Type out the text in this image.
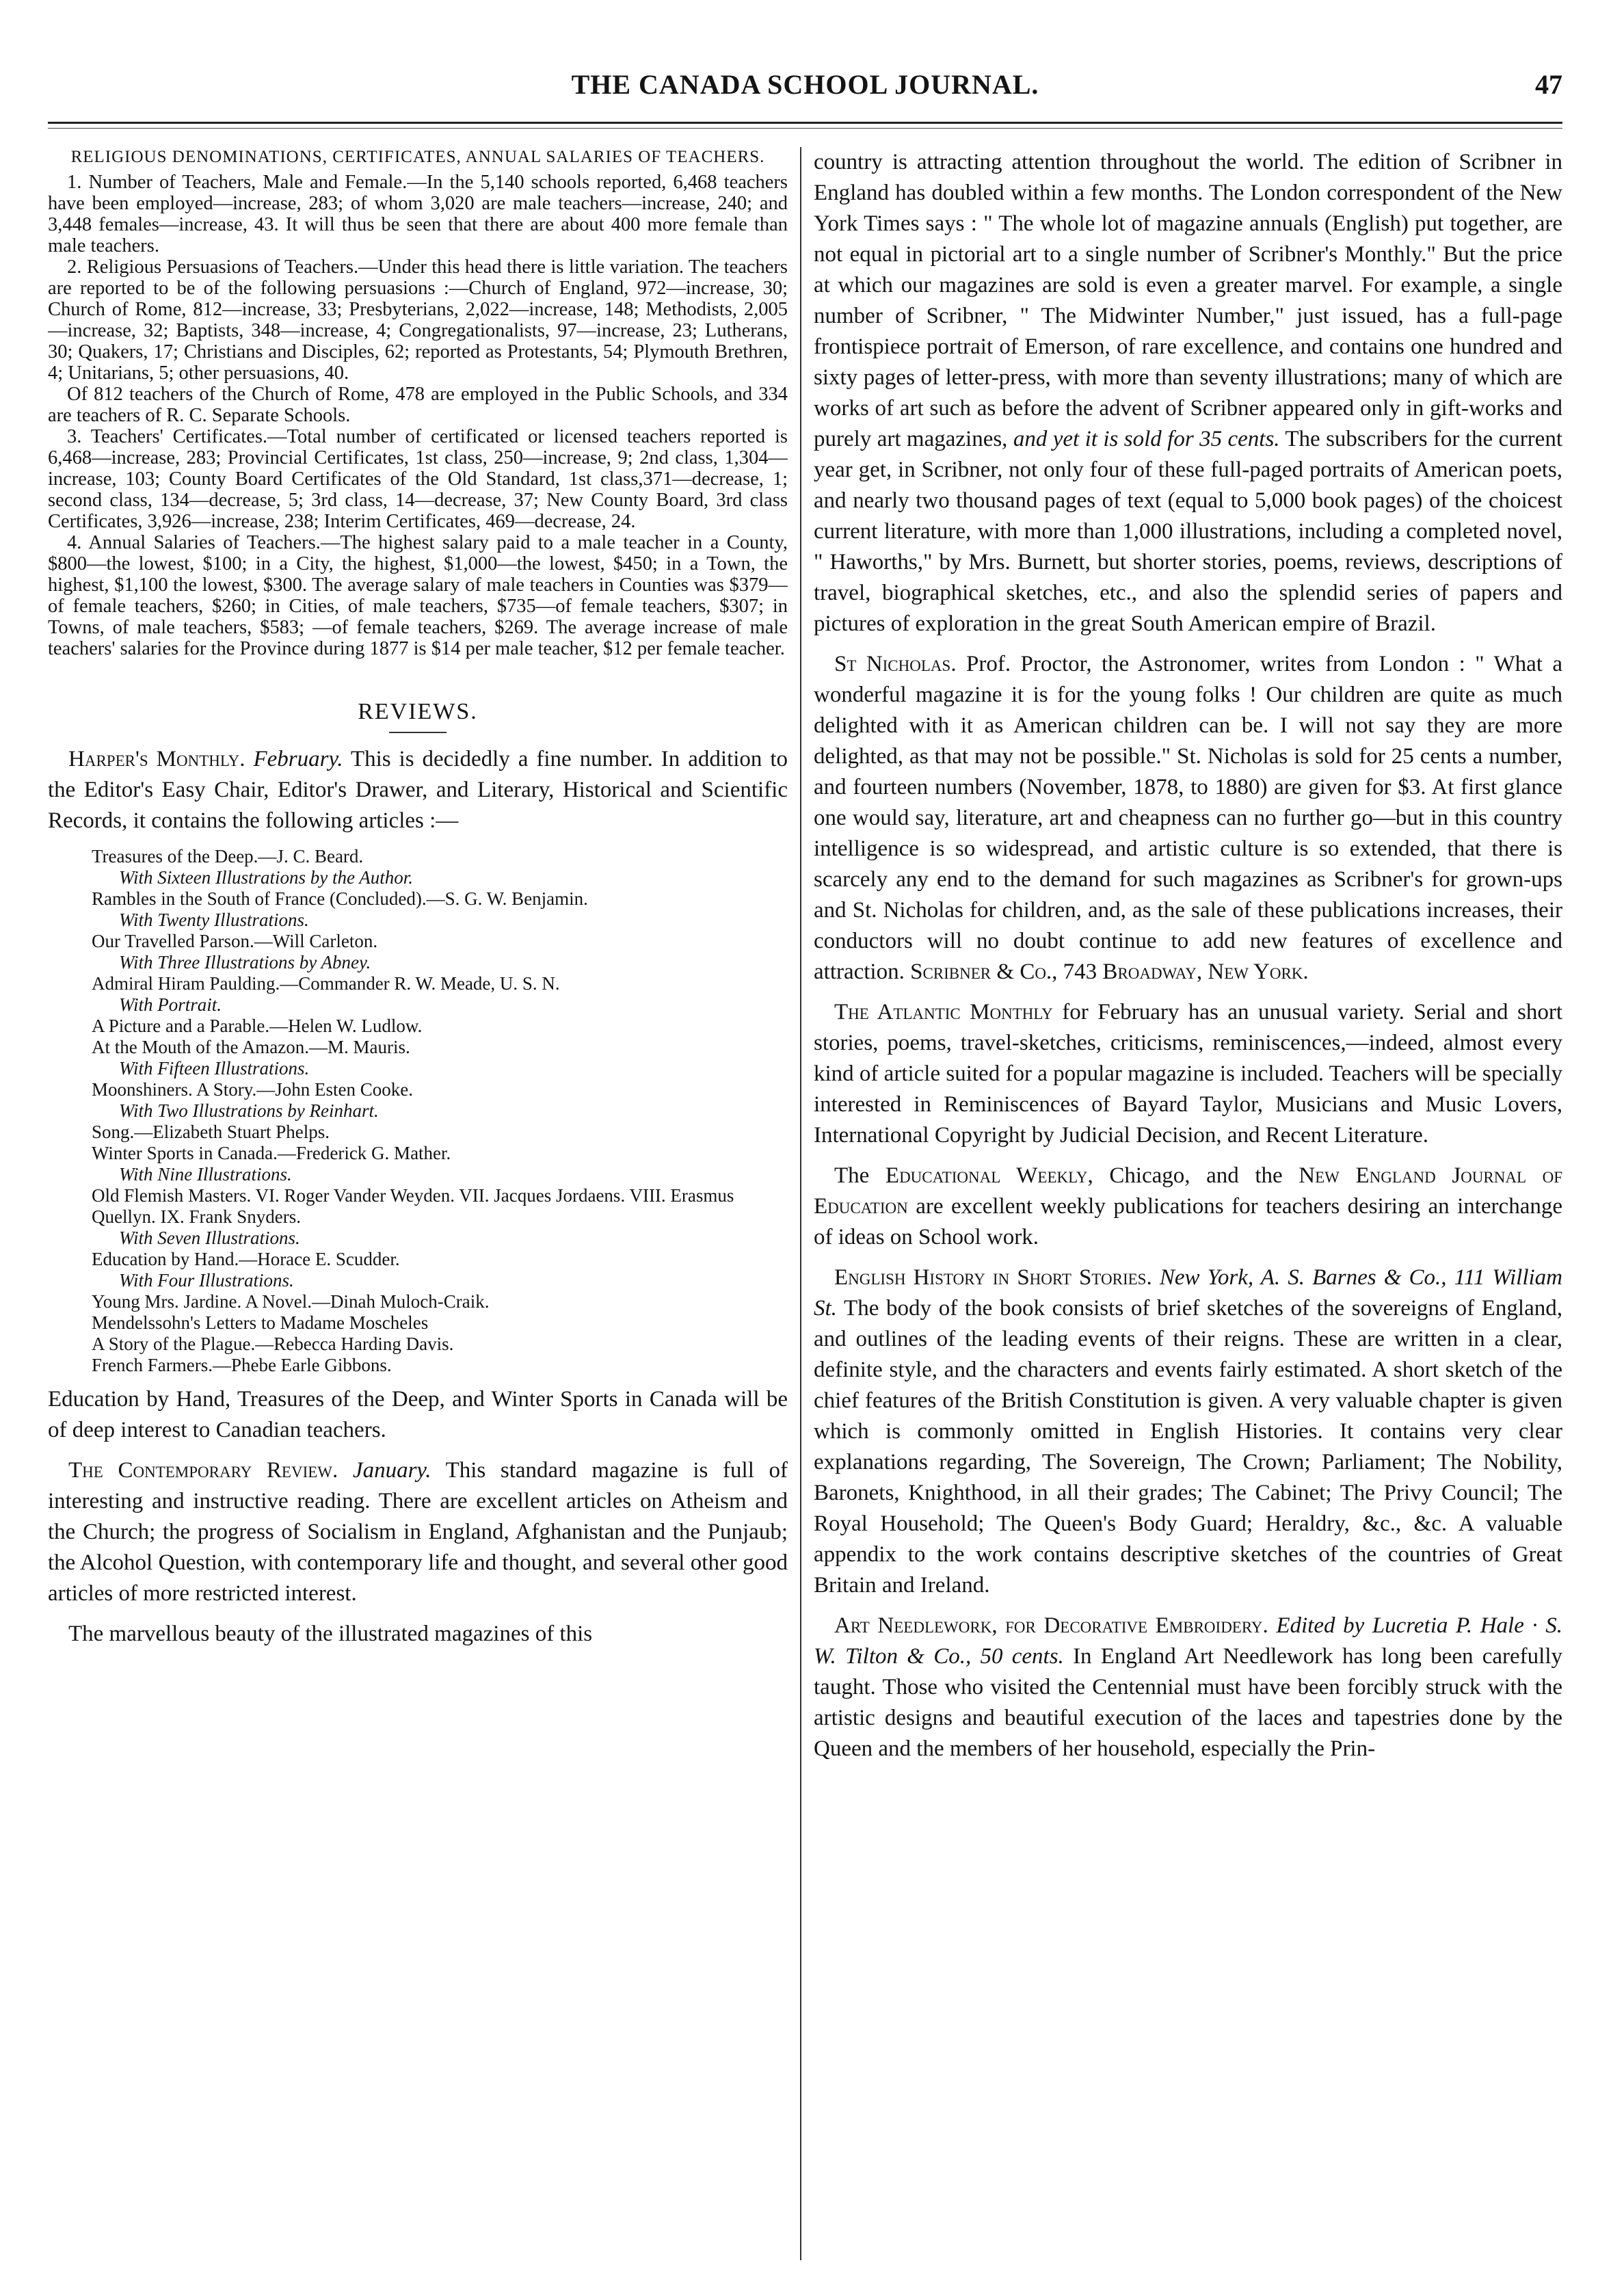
THE CANADA SCHOOL JOURNAL.	47
RELIGIOUS DENOMINATIONS, CERTIFICATES, ANNUAL SALARIES OF TEACHERS.

1. Number of Teachers, Male and Female.—In the 5,140 schools reported, 6,468 teachers have been employed—increase, 283; of whom 3,020 are male teachers—increase, 240; and 3,448 females—increase, 43. It will thus be seen that there are about 400 more female than male teachers.

2. Religious Persuasions of Teachers.—Under this head there is little variation. The teachers are reported to be of the following persuasions :—Church of England, 972—increase, 30; Church of Rome, 812—increase, 33; Presbyterians, 2,022—increase, 148; Methodists, 2,005—increase, 32; Baptists, 348—increase, 4; Congregationalists, 97—increase, 23; Lutherans, 30; Quakers, 17; Christians and Disciples, 62; reported as Protestants, 54; Plymouth Brethren, 4; Unitarians, 5; other persuasions, 40.

Of 812 teachers of the Church of Rome, 478 are employed in the Public Schools, and 334 are teachers of R. C. Separate Schools.

3. Teachers' Certificates.—Total number of certificated or licensed teachers reported is 6,468—increase, 283; Provincial Certificates, 1st class, 250—increase, 9; 2nd class, 1,304—increase, 103; County Board Certificates of the Old Standard, 1st class,371—decrease, 1; second class, 134—decrease, 5; 3rd class, 14—decrease, 37; New County Board, 3rd class Certificates, 3,926—increase, 238; Interim Certificates, 469—decrease, 24.

4. Annual Salaries of Teachers.—The highest salary paid to a male teacher in a County, $800—the lowest, $100; in a City, the highest, $1,000—the lowest, $450; in a Town, the highest, $1,100 the lowest, $300. The average salary of male teachers in Counties was $379—of female teachers, $260; in Cities, of male teachers, $735—of female teachers, $307; in Towns, of male teachers, $583; —of female teachers, $269. The average increase of male teachers' salaries for the Province during 1877 is $14 per male teacher, $12 per female teacher.

REVIEWS.

Harper's Monthly. February. This is decidedly a fine number. In addition to the Editor's Easy Chair, Editor's Drawer, and Literary, Historical and Scientific Records, it contains the following articles :—

Treasures of the Deep.—J. C. Beard.
With Sixteen Illustrations by the Author.
Rambles in the South of France (Concluded).—S. G. W. Benjamin.
With Twenty Illustrations.
Our Travelled Parson.—Will Carleton.
With Three Illustrations by Abney.
Admiral Hiram Paulding.—Commander R. W. Meade, U. S. N.
With Portrait.
A Picture and a Parable.—Helen W. Ludlow.
At the Mouth of the Amazon.—M. Mauris.
With Fifteen Illustrations.
Moonshiners. A Story.—John Esten Cooke.
With Two Illustrations by Reinhart.
Song.—Elizabeth Stuart Phelps.
Winter Sports in Canada.—Frederick G. Mather.
With Nine Illustrations.
Old Flemish Masters. VI. Roger Vander Weyden. VII. Jacques Jordaens. VIII. Erasmus Quellyn. IX. Frank Snyders.
With Seven Illustrations.
Education by Hand.—Horace E. Scudder.
With Four Illustrations.
Young Mrs. Jardine. A Novel.—Dinah Muloch-Craik.
Mendelssohn's Letters to Madame Moscheles
A Story of the Plague.—Rebecca Harding Davis.
French Farmers.—Phebe Earle Gibbons.

Education by Hand, Treasures of the Deep, and Winter Sports in Canada will be of deep interest to Canadian teachers.

The Contemporary Review. January. This standard magazine is full of interesting and instructive reading. There are excellent articles on Atheism and the Church; the progress of Socialism in England, Afghanistan and the Punjaub; the Alcohol Question, with contemporary life and thought, and several other good articles of more restricted interest.

The marvellous beauty of the illustrated magazines of this

country is attracting attention throughout the world. The edition of Scribner in England has doubled within a few months. The London correspondent of the New York Times says : " The whole lot of magazine annuals (English) put together, are not equal in pictorial art to a single number of Scribner's Monthly." But the price at which our magazines are sold is even a greater marvel. For example, a single number of Scribner, " The Midwinter Number," just issued, has a full-page frontispiece portrait of Emerson, of rare excellence, and contains one hundred and sixty pages of letter-press, with more than seventy illustrations; many of which are works of art such as before the advent of Scribner appeared only in gift-works and purely art magazines, and yet it is sold for 35 cents. The subscribers for the current year get, in Scribner, not only four of these full-paged portraits of American poets, and nearly two thousand pages of text (equal to 5,000 book pages) of the choicest current literature, with more than 1,000 illustrations, including a completed novel, " Haworths," by Mrs. Burnett, but shorter stories, poems, reviews, descriptions of travel, biographical sketches, etc., and also the splendid series of papers and pictures of exploration in the great South American empire of Brazil.

St Nicholas. Prof. Proctor, the Astronomer, writes from London : " What a wonderful magazine it is for the young folks ! Our children are quite as much delighted with it as American children can be. I will not say they are more delighted, as that may not be possible." St. Nicholas is sold for 25 cents a number, and fourteen numbers (November, 1878, to 1880) are given for $3. At first glance one would say, literature, art and cheapness can no further go—but in this country intelligence is so widespread, and artistic culture is so extended, that there is scarcely any end to the demand for such magazines as Scribner's for grown-ups and St. Nicholas for children, and, as the sale of these publications increases, their conductors will no doubt continue to add new features of excellence and attraction. Scribner & Co., 743 Broadway, New York.

The Atlantic Monthly for February has an unusual variety. Serial and short stories, poems, travel-sketches, criticisms, reminiscences,—indeed, almost every kind of article suited for a popular magazine is included. Teachers will be specially interested in Reminiscences of Bayard Taylor, Musicians and Music Lovers, International Copyright by Judicial Decision, and Recent Literature.

The Educational Weekly, Chicago, and the New England Journal of Education are excellent weekly publications for teachers desiring an interchange of ideas on School work.

English History in Short Stories. New York, A. S. Barnes & Co., 111 William St. The body of the book consists of brief sketches of the sovereigns of England, and outlines of the leading events of their reigns. These are written in a clear, definite style, and the characters and events fairly estimated. A short sketch of the chief features of the British Constitution is given. A very valuable chapter is given which is commonly omitted in English Histories. It contains very clear explanations regarding, The Sovereign, The Crown; Parliament; The Nobility, Baronets, Knighthood, in all their grades; The Cabinet; The Privy Council; The Royal Household; The Queen's Body Guard; Heraldry, &c., &c. A valuable appendix to the work contains descriptive sketches of the countries of Great Britain and Ireland.

Art Needlework, for Decorative Embroidery. Edited by Lucretia P. Hale · S. W. Tilton & Co., 50 cents. In England Art Needlework has long been carefully taught. Those who visited the Centennial must have been forcibly struck with the artistic designs and beautiful execution of the laces and tapestries done by the Queen and the members of her household, especially the Prin-
